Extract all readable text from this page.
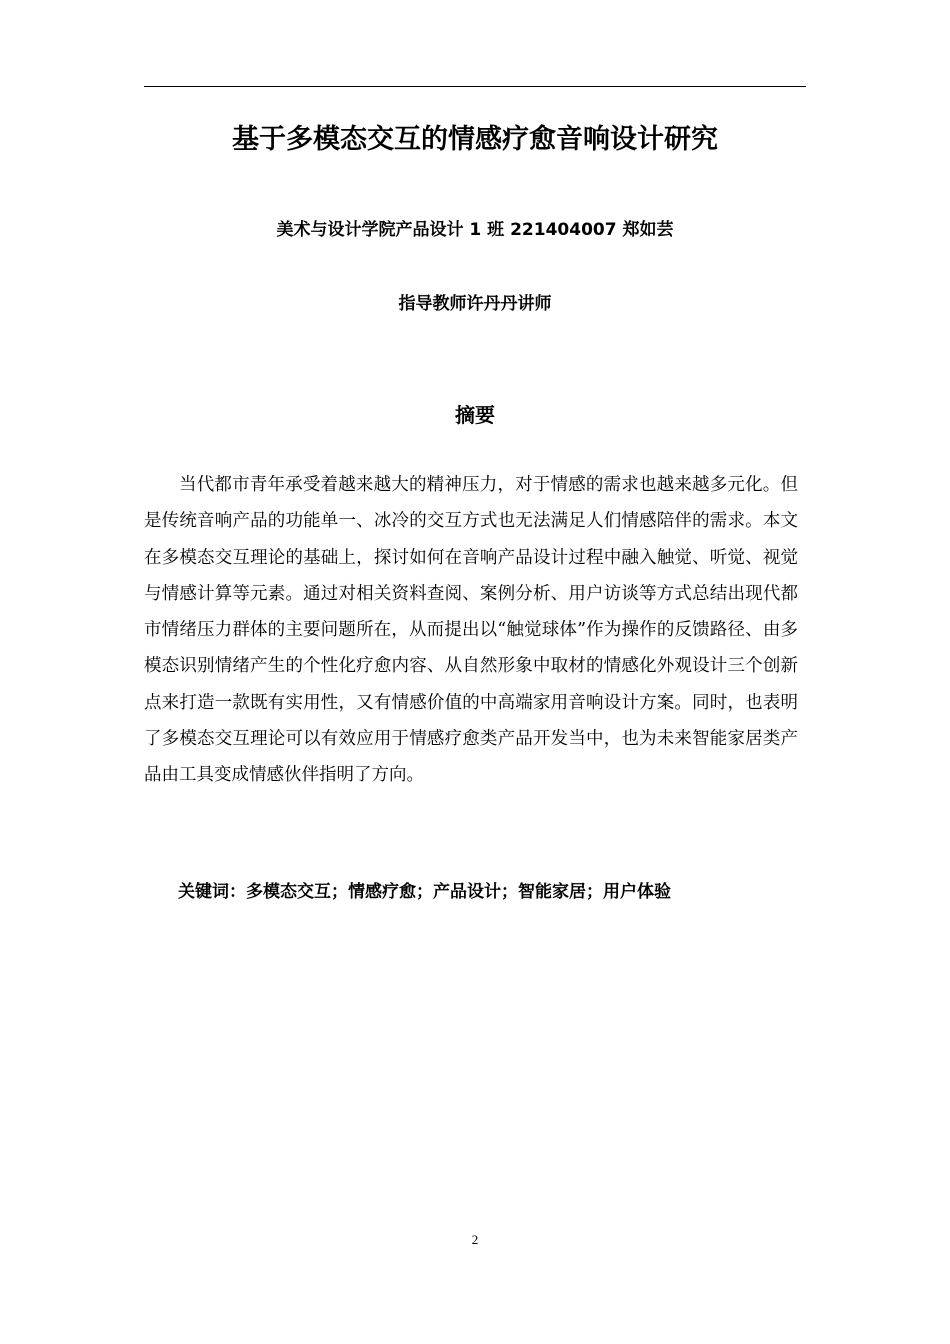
基于多模态交互的情感疗愈音响设计研究
美术与设计学院产品设计 1 班 221404007 郑如芸
指导教师许丹丹讲师
摘要

当代都市青年承受着越来越大的精神压力，对于情感的需求也越来越多元化。但是传统音响产品的功能单一、冰冷的交互方式也无法满足人们情感陪伴的需求。本文在多模态交互理论的基础上，探讨如何在音响产品设计过程中融入触觉、听觉、视觉与情感计算等元素。通过对相关资料查阅、案例分析、用户访谈等方式总结出现代都市情绪压力群体的主要问题所在，从而提出以“触觉球体”作为操作的反馈路径、由多模态识别情绪产生的个性化疗愈内容、从自然形象中取材的情感化外观设计三个创新点来打造一款既有实用性，又有情感价值的中高端家用音响设计方案。同时，也表明了多模态交互理论可以有效应用于情感疗愈类产品开发当中，也为未来智能家居类产品由工具变成情感伙伴指明了方向。

关键词：多模态交互；情感疗愈；产品设计；智能家居；用户体验
2
